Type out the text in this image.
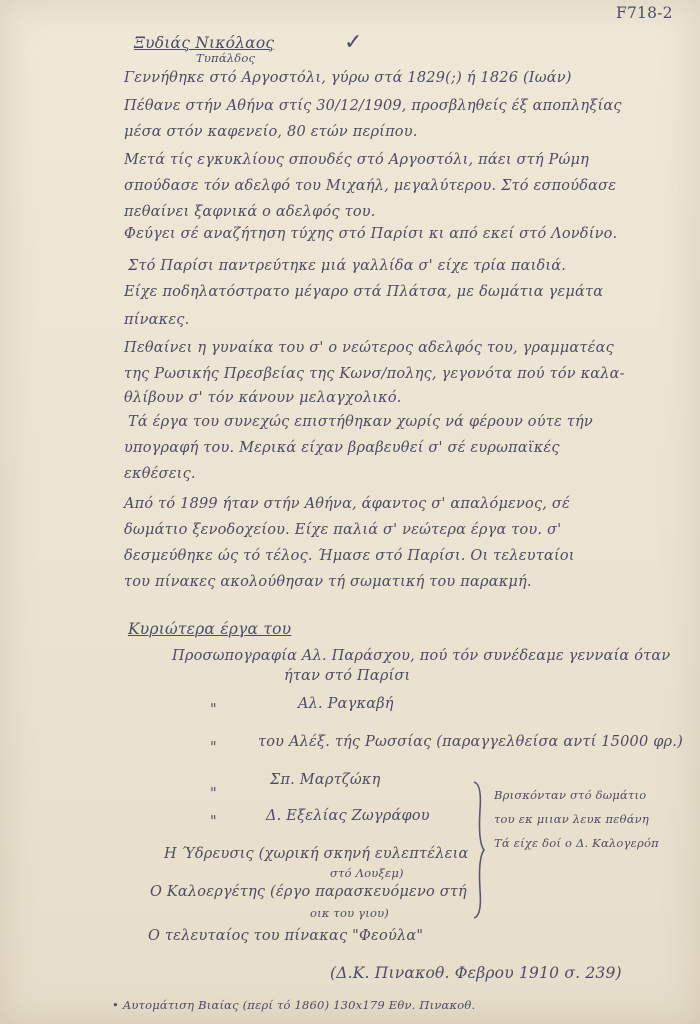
F718-2
Τυπάλδος
Ξυδιάς Νικόλαος	✓
Γεννήθηκε στό Αργοστόλι, γύρω στά 1829(;) ή 1826 (Ιωάν)
Πέθανε στήν Αθήνα στίς 30/12/1909, προσβληθείς έξ αποπληξίας
μέσα στόν καφενείο, 80 ετών περίπου.
Μετά τίς εγκυκλίους σπουδές στό Αργοστόλι, πάει στή Ρώμη
σπούδασε τόν αδελφό του Μιχαήλ, μεγαλύτερου. Στό εσπούδασε
πεθαίνει ξαφνικά ο αδελφός του.
Φεύγει σέ αναζήτηση τύχης στό Παρίσι κι από εκεί στό Λονδίνο.
Στό Παρίσι παντρεύτηκε μιά γαλλίδα σ' είχε τρία παιδιά.
Είχε ποδηλατόστρατο μέγαρο στά Πλάτσα, με δωμάτια γεμάτα
πίνακες.
Πεθαίνει η γυναίκα του σ' ο νεώτερος αδελφός του, γραμματέας
της Ρωσικής Πρεσβείας της Κωνσ/πολης, γεγονότα πού τόν καλα-
θλίβουν σ' τόν κάνουν μελαγχολικό.
Τά έργα του συνεχώς επιστήθηκαν χωρίς νά φέρουν ούτε τήν
υπογραφή του. Μερικά είχαν βραβευθεί σ' σέ ευρωπαϊκές
εκθέσεις.
Από τό 1899 ήταν στήν Αθήνα, άφαντος σ' απαλόμενος, σέ
δωμάτιο ξενοδοχείου. Είχε παλιά σ' νεώτερα έργα του. σ'
δεσμεύθηκε ώς τό τέλος. Ήμασε στό Παρίσι. Οι τελευταίοι
του πίνακες ακολούθησαν τή σωματική του παρακμή.
Κυριώτερα έργα του
Προσωπογραφία Αλ. Παράσχου, πού τόν συνέδεαμε γενναία όταν
ήταν στό Παρίσι
"	Αλ. Ραγκαβή
"	του Αλέξ. τής Ρωσσίας (παραγγελθείσα αντί 15000 φρ.)
"
Σπ. Μαρτζώκη
"	Δ. Εξελίας Ζωγράφου
Η Ύδρευσις (χωρική σκηνή ευλεπτέλεια
στό Λουξεμ)
Ο Καλοεργέτης (έργο παρασκευόμενο στή
οικ του γιου)
Ο τελευταίος του πίνακας "Φεούλα"
Βρισκόνταν στό δωμάτιο
του εκ μιιαν λευκ πεθάνη
Τά είχε δοί ο Δ. Καλογερόπ
(Δ.Κ. Πινακοθ. Φεβρου 1910 σ. 239)
• Αυτομάτιση Βιαίας (περί τό 1860) 130x179 Εθν. Πινακοθ.
